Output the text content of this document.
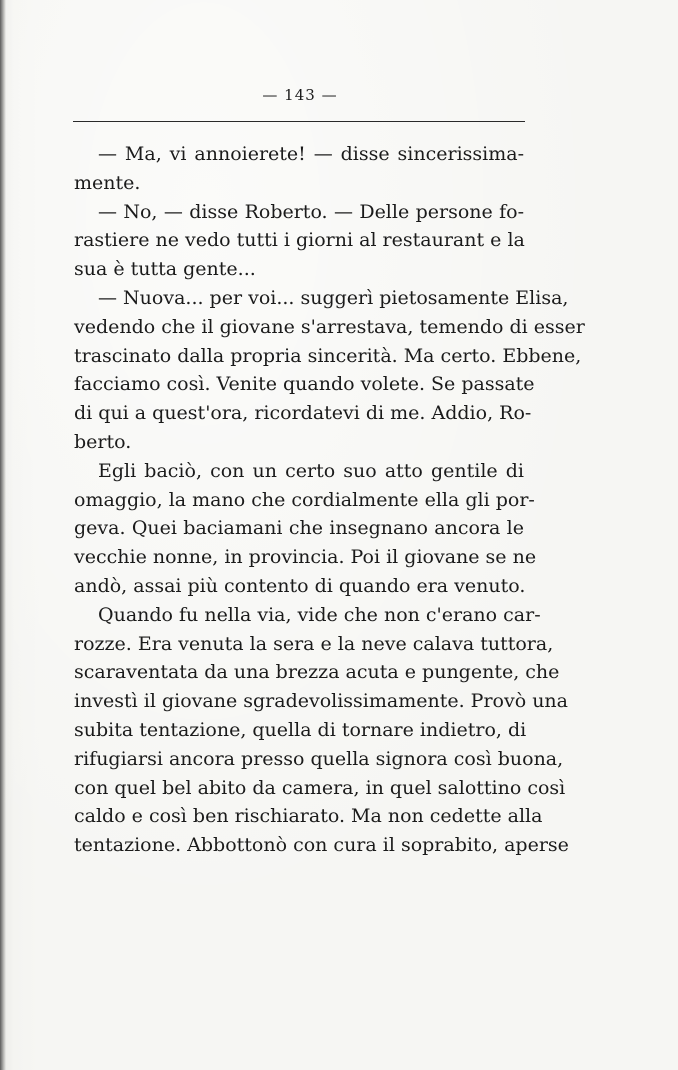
— 143 —
— Ma, vi annoierete! — disse sincerissima-
mente.
— No, — disse Roberto. — Delle persone fo-
rastiere ne vedo tutti i giorni al restaurant e la
sua è tutta gente...
— Nuova... per voi... suggerì pietosamente Elisa,
vedendo che il giovane s'arrestava, temendo di esser
trascinato dalla propria sincerità. Ma certo. Ebbene,
facciamo così. Venite quando volete. Se passate
di qui a quest'ora, ricordatevi di me. Addio, Ro-
berto.
Egli baciò, con un certo suo atto gentile di
omaggio, la mano che cordialmente ella gli por-
geva. Quei baciamani che insegnano ancora le
vecchie nonne, in provincia. Poi il giovane se ne
andò, assai più contento di quando era venuto.
Quando fu nella via, vide che non c'erano car-
rozze. Era venuta la sera e la neve calava tuttora,
scaraventata da una brezza acuta e pungente, che
investì il giovane sgradevolissimamente. Provò una
subita tentazione, quella di tornare indietro, di
rifugiarsi ancora presso quella signora così buona,
con quel bel abito da camera, in quel salottino così
caldo e così ben rischiarato. Ma non cedette alla
tentazione. Abbottonò con cura il soprabito, aperse
